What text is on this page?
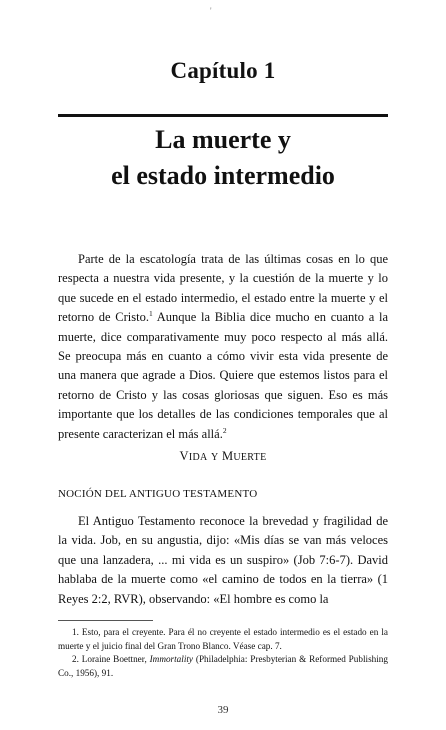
'
Capítulo 1
La muerte y
el estado intermedio

Parte de la escatología trata de las últimas cosas en lo que respecta a nuestra vida presente, y la cuestión de la muerte y lo que sucede en el estado intermedio, el estado entre la muerte y el retorno de Cristo.$^1$ Aunque la Biblia dice mucho en cuanto a la muerte, dice comparativamente muy poco respecto al más allá. Se preocupa más en cuanto a cómo vivir esta vida presente de una manera que agrade a Dios. Quiere que estemos listos para el retorno de Cristo y las cosas gloriosas que siguen. Eso es más importante que los detalles de las condiciones temporales que al presente caracterizan el más allá.$^2$

VIDA Y MUERTE
NOCIÓN DEL ANTIGUO TESTAMENTO

El Antiguo Testamento reconoce la brevedad y fragilidad de la vida. Job, en su angustia, dijo: «Mis días se van más veloces que una lanzadera, ... mi vida es un suspiro» (Job 7:6-7). David hablaba de la muerte como «el camino de todos en la tierra» (1 Reyes 2:2, RVR), observando: «El hombre es como la

1. Esto, para el creyente. Para él no creyente el estado intermedio es el estado en la muerte y el juicio final del Gran Trono Blanco. Véase cap. 7.

2. Loraine Boettner, Immortality (Philadelphia: Presbyterian & Reformed Publishing Co., 1956), 91.

39
